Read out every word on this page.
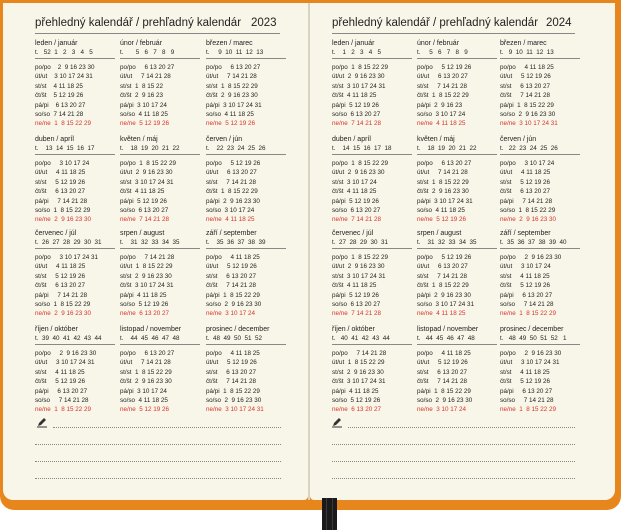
přehledný kalendář / prehľadný kalendár 2023
leden / január
t.   52  1   2   3   4   5
po/po    2  9 16 23 30
út/ut    3 10 17 24 31
st/st    4 11 18 25
čt/št    5 12 19 26
pá/pi    6 13 20 27
so/so  7 14 21 28
ne/ne  1  8 15 22 29
únor / február
t.       5   6   7   8   9
po/po     6 13 20 27
út/ut     7 14 21 28
st/st  1  8 15 22
čt/št  2  9 16 23
pá/pi  3 10 17 24
so/so  4 11 18 25
ne/ne  5 12 19 26
březen / marec
t.     9  10  11  12  13
po/po     6 13 20 27
út/ut     7 14 21 28
st/st  1  8 15 22 29
čt/št  2  9 16 23 30
pá/pi  3 10 17 24 31
so/so  4 11 18 25
ne/ne  5 12 19 26
duben / apríl
t.    13  14  15  16  17
po/po     3 10 17 24
út/ut     4 11 18 25
st/st     5 12 19 26
čt/št     6 13 20 27
pá/pi     7 14 21 28
so/so  1  8 15 22 29
ne/ne  2  9 16 23 30
květen / máj
t.    18  19  20  21  22
po/po  1  8 15 22 29
út/ut  2  9 16 23 30
st/st  3 10 17 24 31
čt/št  4 11 18 25
pá/pi  5 12 19 26
so/so  6 13 20 27
ne/ne  7 14 21 28
červen / jún
t.    22  23  24  25  26
po/po     5 12 19 26
út/ut     6 13 20 27
st/st     7 14 21 28
čt/št  1  8 15 22 29
pá/pi  2  9 16 23 30
so/so  3 10 17 24
ne/ne  4 11 18 25
červenec / júl
t.  26  27  28  29  30  31
po/po     3 10 17 24 31
út/ut     4 11 18 25
st/st     5 12 19 26
čt/št     6 13 20 27
pá/pi     7 14 21 28
so/so  1  8 15 22 29
ne/ne  2  9 16 23 30
srpen / august
t.    31  32  33  34  35
po/po     7 14 21 28
út/ut  1  8 15 22 29
st/st  2  9 16 23 30
čt/št  3 10 17 24 31
pá/pi  4 11 18 25
so/so  5 12 19 26
ne/ne  6 13 20 27
září / september
t.    35  36  37  38  39
po/po     4 11 18 25
út/ut     5 12 19 26
st/st     6 13 20 27
čt/št     7 14 21 28
pá/pi  1  8 15 22 29
so/so  2  9 16 23 30
ne/ne  3 10 17 24
říjen / október
t.  39  40  41  42  43  44
po/po     2  9 16 23 30
út/ut     3 10 17 24 31
st/st     4 11 18 25
čt/št     5 12 19 26
pá/pi     6 13 20 27
so/so     7 14 21 28
ne/ne  1  8 15 22 29
listopad / november
t.    44  45  46  47  48
po/po     6 13 20 27
út/ut     7 14 21 28
st/st  1  8 15 22 29
čt/št  2  9 16 23 30
pá/pi  3 10 17 24
so/so  4 11 18 25
ne/ne  5 12 19 26
prosinec / december
t.  48  49  50  51  52
po/po     4 11 18 25
út/ut     5 12 19 26
st/st     6 13 20 27
čt/št     7 14 21 28
pá/pi  1  8 15 22 29
so/so  2  9 16 23 30
ne/ne  3 10 17 24 31
přehledný kalendář / prehľadný kalendár 2024
leden / január
t.    1   2   3   4   5
po/po  1  8 15 22 29
út/ut  2  9 16 23 30
st/st  3 10 17 24 31
čt/št  4 11 18 25
pá/pi  5 12 19 26
so/so  6 13 20 27
ne/ne  7 14 21 28
únor / február
t.     5   6   7   8   9
po/po     5 12 19 26
út/ut     6 13 20 27
st/st     7 14 21 28
čt/št  1  8 15 22 29
pá/pi  2  9 16 23
so/so  3 10 17 24
ne/ne  4 11 18 25
březen / marec
t.   9  10  11  12  13
po/po     4 11 18 25
út/ut     5 12 19 26
st/st     6 13 20 27
čt/št     7 14 21 28
pá/pi  1  8 15 22 29
so/so  2  9 16 23 30
ne/ne  3 10 17 24 31
duben / apríl
t.    14  15  16  17  18
po/po  1  8 15 22 29
út/ut  2  9 16 23 30
st/st  3 10 17 24
čt/št  4 11 18 25
pá/pi  5 12 19 26
so/so  6 13 20 27
ne/ne  7 14 21 28
květen / máj
t.    18  19  20  21  22
po/po     6 13 20 27
út/ut     7 14 21 28
st/st  1  8 15 22 29
čt/št  2  9 16 23 30
pá/pi  3 10 17 24 31
so/so  4 11 18 25
ne/ne  5 12 19 26
červen / jún
t.   22  23  24  25  26
po/po     3 10 17 24
út/ut     4 11 18 25
st/st     5 12 19 26
čt/št     6 13 20 27
pá/pi     7 14 21 28
so/so  1  8 15 22 29
ne/ne  2  9 16 23 30
červenec / júl
t.  27  28  29  30  31
po/po  1  8 15 22 29
út/ut  2  9 16 23 30
st/st  3 10 17 24 31
čt/št  4 11 18 25
pá/pi  5 12 19 26
so/so  6 13 20 27
ne/ne  7 14 21 28
srpen / august
t.    31  32  33  34  35
po/po     5 12 19 26
út/ut     6 13 20 27
st/st     7 14 21 28
čt/št  1  8 15 22 29
pá/pi  2  9 16 23 30
so/so  3 10 17 24 31
ne/ne  4 11 18 25
září / september
t.  35  36  37  38  39  40
po/po     2  9 16 23 30
út/ut     3 10 17 24
st/st     4 11 18 25
čt/št     5 12 19 26
pá/pi     6 13 20 27
so/so     7 14 21 28
ne/ne  1  8 15 22 29
říjen / október
t.   40  41  42  43  44
po/po     7 14 21 28
út/ut  1  8 15 22 29
st/st  2  9 16 23 30
čt/št  3 10 17 24 31
pá/pi  4 11 18 25
so/so  5 12 19 26
ne/ne  6 13 20 27
listopad / november
t.   44  45  46  47  48
po/po     4 11 18 25
út/ut     5 12 19 26
st/st     6 13 20 27
čt/št     7 14 21 28
pá/pi  1  8 15 22 29
so/so  2  9 16 23 30
ne/ne  3 10 17 24
prosinec / december
t.   48  49  50  51  52   1
po/po     2  9 16 23 30
út/ut     3 10 17 24 31
st/st     4 11 18 25
čt/št     5 12 19 26
pá/pi     6 13 20 27
so/so     7 14 21 28
ne/ne  1  8 15 22 29
